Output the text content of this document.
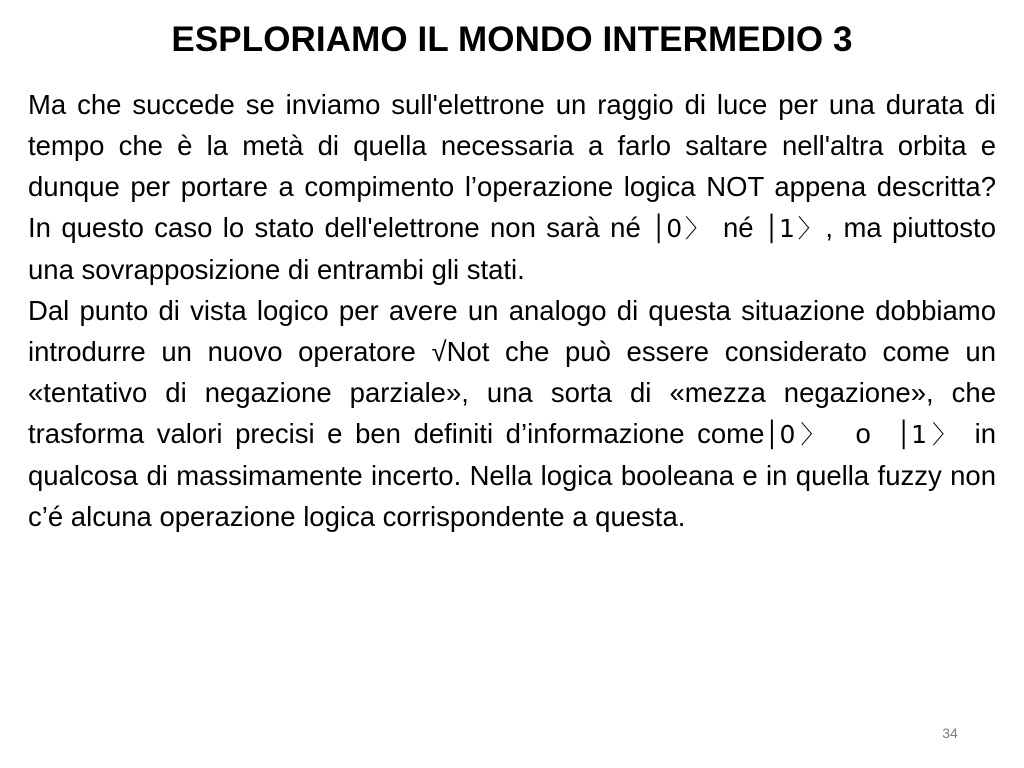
ESPLORIAMO IL MONDO INTERMEDIO 3

Ma che succede se inviamo sull'elettrone un raggio di luce per una durata di tempo che è la metà di quella necessaria a farlo saltare nell'altra orbita e dunque per portare a compimento l’operazione logica NOT appena descritta? In questo caso lo stato dell'elettrone non sarà né │0〉 né │1〉, ma piuttosto una sovrapposizione di entrambi gli stati.

Dal punto di vista logico per avere un analogo di questa situazione dobbiamo introdurre un nuovo operatore √Not che può essere considerato come un «tentativo di negazione parziale», una sorta di «mezza negazione», che trasforma valori precisi e ben definiti d’informazione come│0〉  o  │1〉 in qualcosa di massimamente incerto. Nella logica booleana e in quella fuzzy non c’é alcuna operazione logica corrispondente a questa.

34
